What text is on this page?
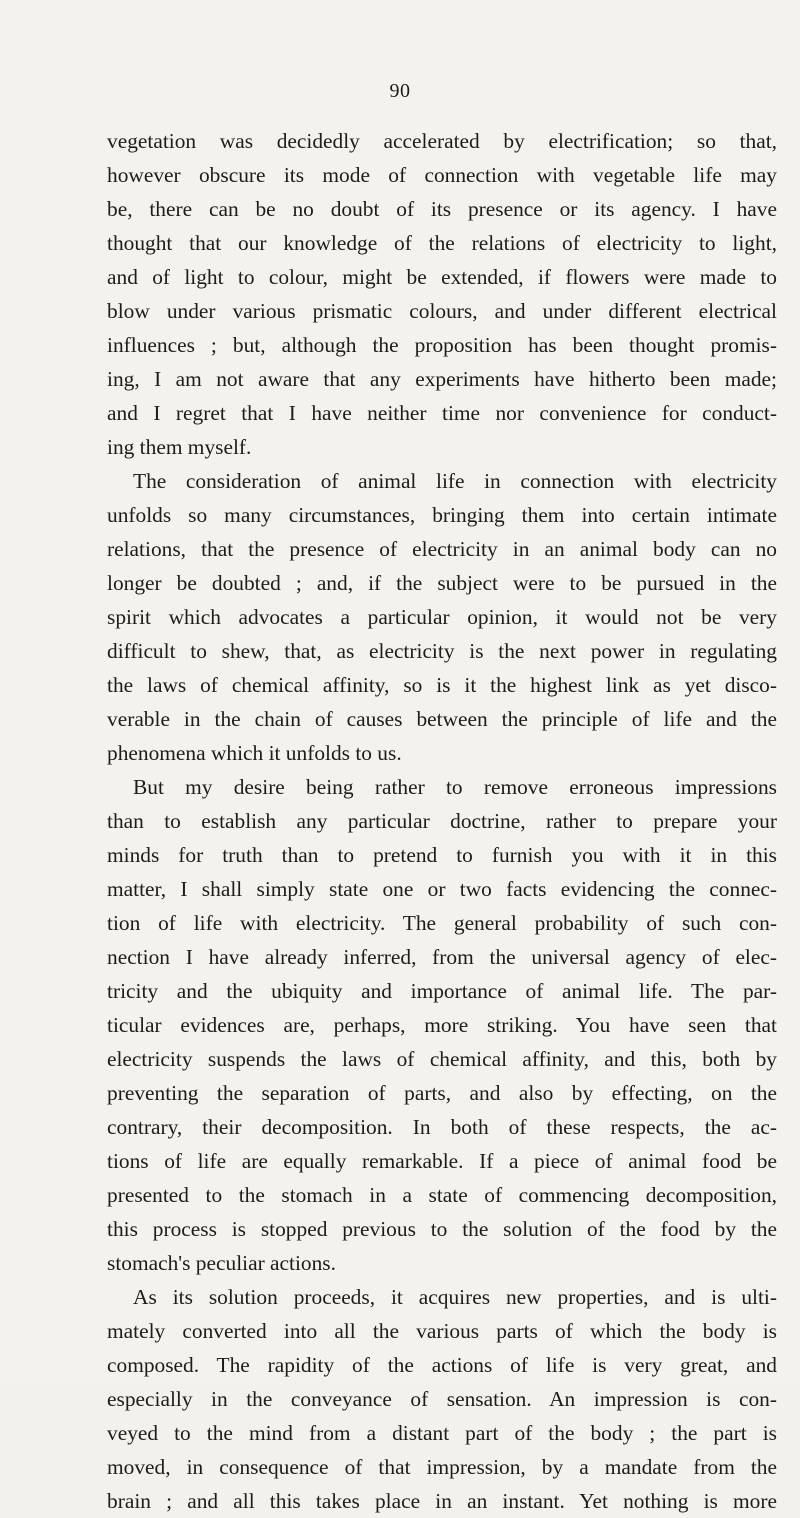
90
vegetation was decidedly accelerated by electrification; so that,
however obscure its mode of connection with vegetable life may
be, there can be no doubt of its presence or its agency. I have
thought that our knowledge of the relations of electricity to light,
and of light to colour, might be extended, if flowers were made to
blow under various prismatic colours, and under different electrical
influences ; but, although the proposition has been thought promis-
ing, I am not aware that any experiments have hitherto been made;
and I regret that I have neither time nor convenience for conduct-
ing them myself.
The consideration of animal life in connection with electricity
unfolds so many circumstances, bringing them into certain intimate
relations, that the presence of electricity in an animal body can no
longer be doubted ; and, if the subject were to be pursued in the
spirit which advocates a particular opinion, it would not be very
difficult to shew, that, as electricity is the next power in regulating
the laws of chemical affinity, so is it the highest link as yet disco-
verable in the chain of causes between the principle of life and the
phenomena which it unfolds to us.
But my desire being rather to remove erroneous impressions
than to establish any particular doctrine, rather to prepare your
minds for truth than to pretend to furnish you with it in this
matter, I shall simply state one or two facts evidencing the connec-
tion of life with electricity. The general probability of such con-
nection I have already inferred, from the universal agency of elec-
tricity and the ubiquity and importance of animal life. The par-
ticular evidences are, perhaps, more striking. You have seen that
electricity suspends the laws of chemical affinity, and this, both by
preventing the separation of parts, and also by effecting, on the
contrary, their decomposition. In both of these respects, the ac-
tions of life are equally remarkable. If a piece of animal food be
presented to the stomach in a state of commencing decomposition,
this process is stopped previous to the solution of the food by the
stomach's peculiar actions.
As its solution proceeds, it acquires new properties, and is ulti-
mately converted into all the various parts of which the body is
composed. The rapidity of the actions of life is very great, and
especially in the conveyance of sensation. An impression is con-
veyed to the mind from a distant part of the body ; the part is
moved, in consequence of that impression, by a mandate from the
brain ; and all this takes place in an instant. Yet nothing is more
